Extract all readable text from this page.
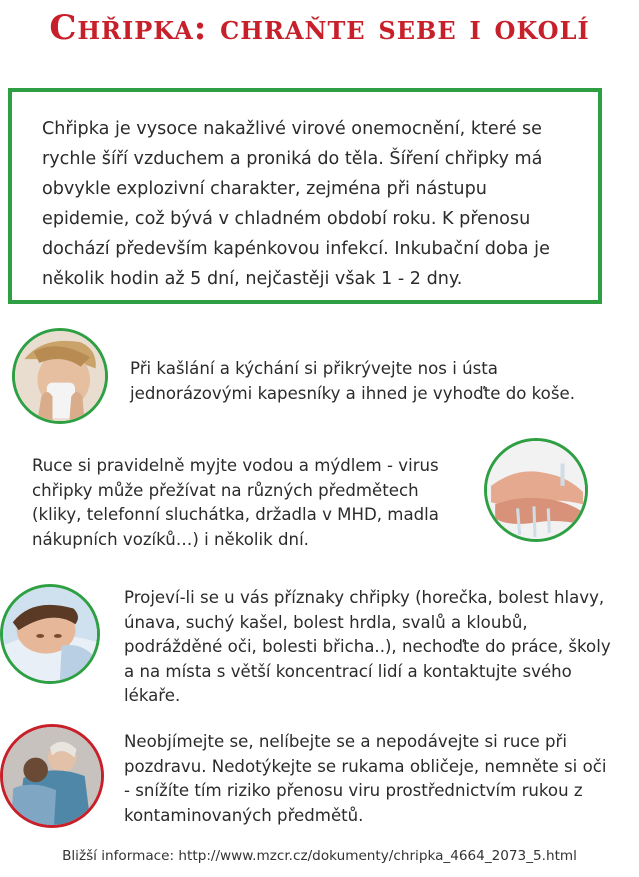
Chřipka: chraňte sebe i okolí
Chřipka je vysoce nakažlivé virové onemocnění, které se rychle šíří vzduchem a proniká do těla. Šíření chřipky má obvykle explozivní charakter, zejména při nástupu epidemie, což bývá v chladném období roku. K přenosu dochází především kapénkovou infekcí. Inkubační doba je několik hodin až 5 dní, nejčastěji však 1 - 2 dny.
Při kašlání a kýchání si přikrývejte nos i ústa jednorázovými kapesníky a ihned je vyhoďte do koše.
Ruce si pravidelně myjte vodou a mýdlem - virus chřipky může přežívat na různých předmětech (kliky, telefonní sluchátka, držadla v MHD, madla nákupních vozíků…) i několik dní.
Projeví-li se u vás příznaky chřipky (horečka, bolest hlavy, únava, suchý kašel, bolest hrdla, svalů a kloubů, podrážděné oči, bolesti břicha..), nechoďte do práce, školy a na místa s větší koncentrací lidí a kontaktujte svého lékaře.
Neobjímejte se, nelíbejte se a nepodávejte si ruce při pozdravu. Nedotýkejte se rukama obličeje, nemněte si oči - snížíte tím riziko přenosu viru prostřednictvím rukou z kontaminovaných předmětů.
Bližší informace: http://www.mzcr.cz/dokumenty/chripka_4664_2073_5.html
